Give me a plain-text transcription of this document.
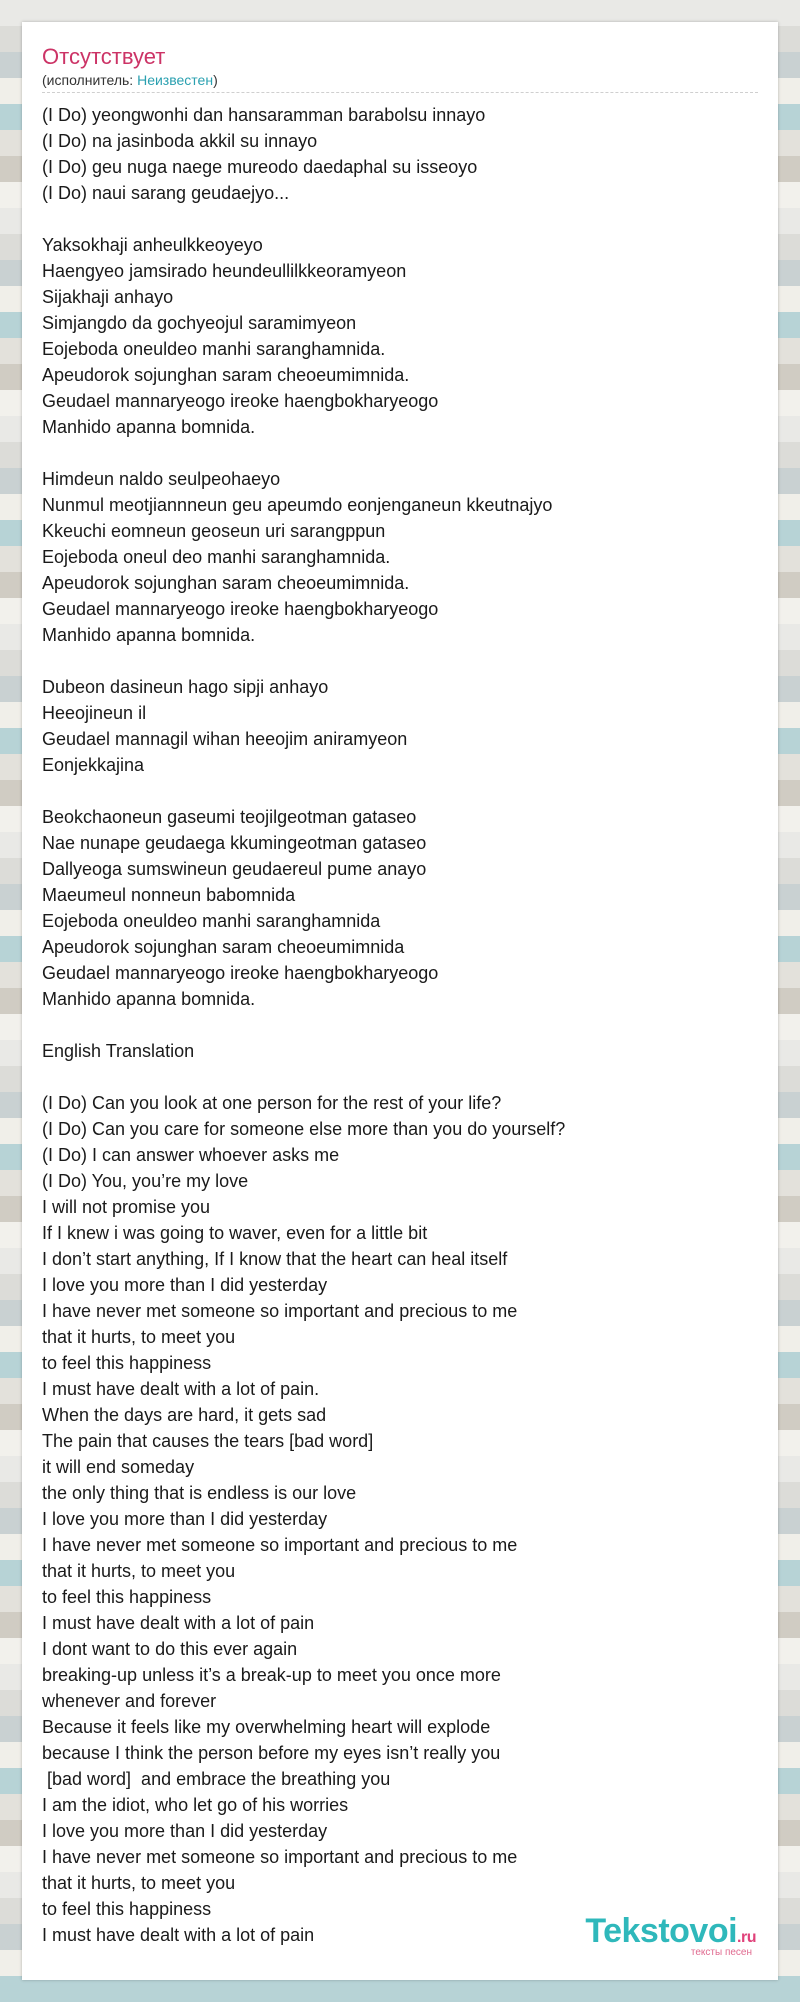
Отсутствует
(исполнитель: Неизвестен)
(I Do) yeongwonhi dan hansaramman barabolsu innayo
(I Do) na jasinboda akkil su innayo
(I Do) geu nuga naege mureodo daedaphal su isseoyo
(I Do) naui sarang geudaejyo...
Yaksokhaji anheulkkeoyeyo
Haengyeo jamsirado heundeullilkkeoramyeon
Sijakhaji anhayo
Simjangdo da gochyeojul saramimyeon
Eojeboda oneuldeo manhi saranghamnida.
Apeudorok sojunghan saram cheoeumimnida.
Geudael mannaryeogo ireoke haengbokharyeogo
Manhido apanna bomnida.
Himdeun naldo seulpeohaeyo
Nunmul meotjiannneun geu apeumdo eonjenganeun kkeutnajyo
Kkeuchi eomneun geoseun uri sarangppun
Eojeboda oneul deo manhi saranghamnida.
Apeudorok sojunghan saram cheoeumimnida.
Geudael mannaryeogo ireoke haengbokharyeogo
Manhido apanna bomnida.
Dubeon dasineun hago sipji anhayo
Heeojineun il
Geudael mannagil wihan heeojim aniramyeon
Eonjekkajina
Beokchaoneun gaseumi teojilgeotman gataseo
Nae nunape geudaega kkumingeotman gataseo
Dallyeoga sumswineun geudaereul pume anayo
Maeumeul nonneun babomnida
Eojeboda oneuldeo manhi saranghamnida
Apeudorok sojunghan saram cheoeumimnida
Geudael mannaryeogo ireoke haengbokharyeogo
Manhido apanna bomnida.
English Translation
(I Do) Can you look at one person for the rest of your life?
(I Do) Can you care for someone else more than you do yourself?
(I Do) I can answer whoever asks me
(I Do) You, you’re my love
I will not promise you
If I knew i was going to waver, even for a little bit
I don’t start anything, If I know that the heart can heal itself
I love you more than I did yesterday
I have never met someone so important and precious to me
that it hurts, to meet you
to feel this happiness
I must have dealt with a lot of pain.
When the days are hard, it gets sad
The pain that causes the tears [bad word]
it will end someday
the only thing that is endless is our love
I love you more than I did yesterday
I have never met someone so important and precious to me
that it hurts, to meet you
to feel this happiness
I must have dealt with a lot of pain
I dont want to do this ever again
breaking-up unless it’s a break-up to meet you once more
whenever and forever
Because it feels like my overwhelming heart will explode
because I think the person before my eyes isn’t really you
[bad word]  and embrace the breathing you
I am the idiot, who let go of his worries
I love you more than I did yesterday
I have never met someone so important and precious to me
that it hurts, to meet you
to feel this happiness
I must have dealt with a lot of pain	Tekstovoi.ru
тексты песен
